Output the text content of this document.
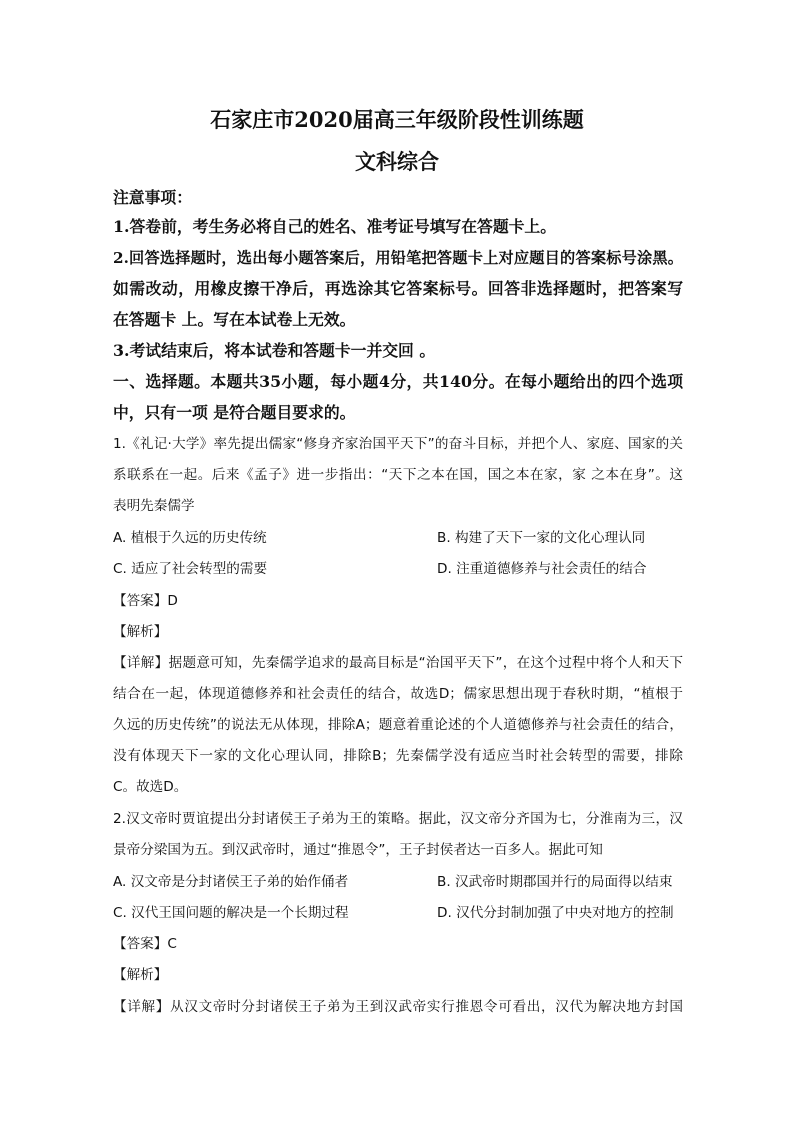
石家庄市2020届高三年级阶段性训练题
文科综合
注意事项：
1.答卷前，考生务必将自己的姓名、准考证号填写在答题卡上。
2.回答选择题时，选出每小题答案后，用铅笔把答题卡上对应题目的答案标号涂黑。
如需改动，用橡皮擦干净后，再选涂其它答案标号。回答非选择题时，把答案写
在答题卡 上。写在本试卷上无效。
3.考试结束后，将本试卷和答题卡一并交回 。
一、选择题。本题共35小题，每小题4分，共140分。在每小题给出的四个选项
中，只有一项 是符合题目要求的。
1.《礼记·大学》率先提出儒家“修身齐家治国平天下”的奋斗目标，并把个人、家庭、国家的关
系联系在一起。后来《孟子》进一步指出：“天下之本在国，国之本在家，家 之本在身”。这
表明先秦儒学
A. 植根于久远的历史传统	B. 构建了天下一家的文化心理认同
C. 适应了社会转型的需要	D. 注重道德修养与社会责任的结合
【答案】D
【解析】
【详解】据题意可知，先秦儒学追求的最高目标是“治国平天下”，在这个过程中将个人和天下
结合在一起，体现道德修养和社会责任的结合，故选D；儒家思想出现于春秋时期，“植根于
久远的历史传统”的说法无从体现，排除A；题意着重论述的个人道德修养与社会责任的结合，
没有体现天下一家的文化心理认同，排除B；先秦儒学没有适应当时社会转型的需要，排除
C。故选D。
2.汉文帝时贾谊提出分封诸侯王子弟为王的策略。据此，汉文帝分齐国为七，分淮南为三，汉
景帝分梁国为五。到汉武帝时，通过“推恩令”，王子封侯者达一百多人。据此可知
A. 汉文帝是分封诸侯王子弟的始作俑者	B. 汉武帝时期郡国并行的局面得以结束
C. 汉代王国问题的解决是一个长期过程	D. 汉代分封制加强了中央对地方的控制
【答案】C
【解析】
【详解】从汉文帝时分封诸侯王子弟为王到汉武帝实行推恩令可看出，汉代为解决地方封国
